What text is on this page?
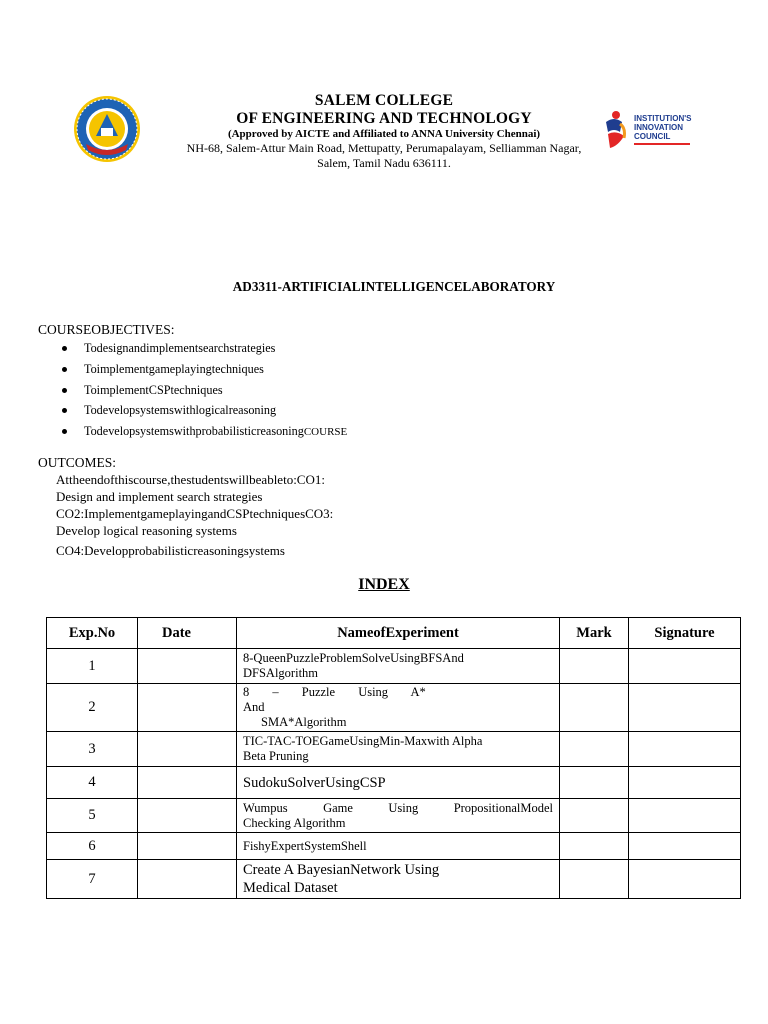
INSTITUTION'S
INNOVATION
COUNCIL
SALEM COLLEGE
OF ENGINEERING AND TECHNOLOGY
(Approved by AICTE and Affiliated to ANNA University Chennai)
NH-68, Salem-Attur Main Road, Mettupatty, Perumapalayam, Selliamman Nagar,
Salem, Tamil Nadu 636111.
AD3311-ARTIFICIALINTELLIGENCELABORATORY
COURSEOBJECTIVES:
Todesignandimplementsearchstrategies
Toimplementgameplayingtechniques
ToimplementCSPtechniques
Todevelopsystemswithlogicalreasoning
TodevelopsystemswithprobabilisticreasoningCOURSE
OUTCOMES:
Attheendofthiscourse,thestudentswillbeableto:CO1:
Design and implement search strategies
CO2:ImplementgameplayingandCSPtechniquesCO3:
Develop logical reasoning systems
CO4:Developprobabilisticreasoningsystems
INDEX
Exp.No	Date	NameofExperiment	Mark	Signature
1		8-QueenPuzzleProblemSolveUsingBFSAnd
DFSAlgorithm		

2		8 – Puzzle Using A* And
SMA*Algorithm		

3		TIC-TAC-TOEGameUsingMin-Maxwith Alpha
Beta Pruning		

4		SudokuSolverUsingCSP		

5		Wumpus Game Using PropositionalModel
Checking Algorithm		

6		FishyExpertSystemShell		

7		Create A BayesianNetwork Using
Medical Dataset		
